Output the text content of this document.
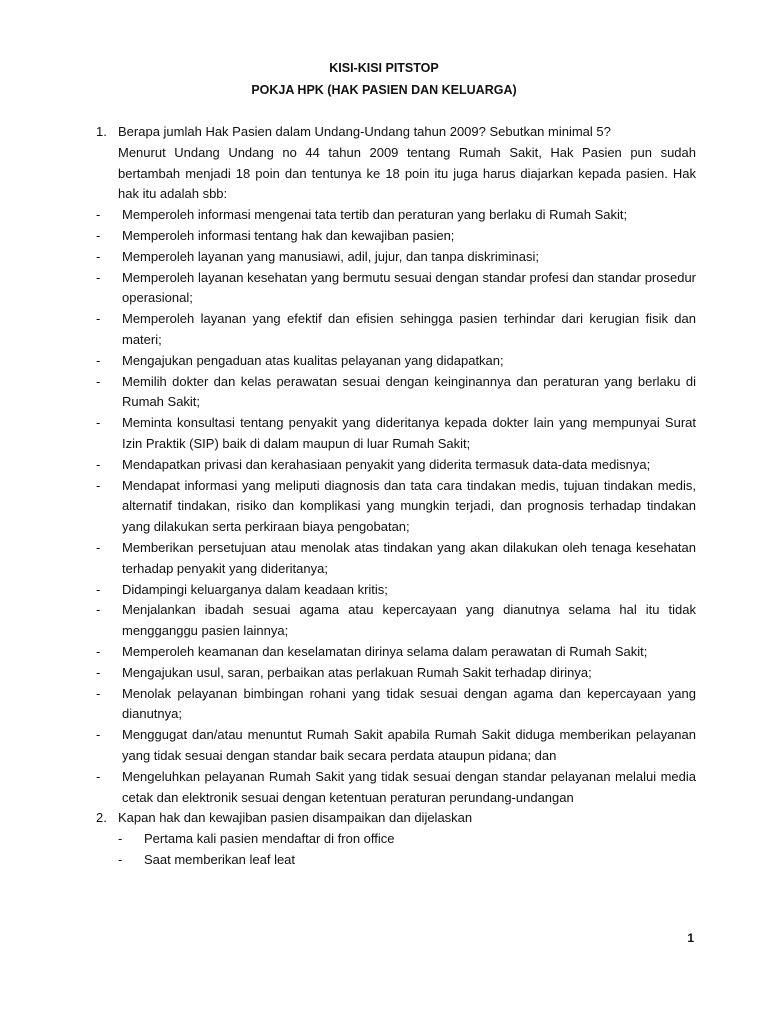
KISI-KISI PITSTOP

POKJA HPK (HAK PASIEN DAN KELUARGA)

1. Berapa jumlah Hak Pasien dalam Undang-Undang tahun 2009? Sebutkan minimal 5?
Menurut Undang Undang no 44 tahun 2009 tentang Rumah Sakit, Hak Pasien pun sudah bertambah menjadi 18 poin dan tentunya ke 18 poin itu juga harus diajarkan kepada pasien. Hak hak itu adalah sbb:
-	Memperoleh informasi mengenai tata tertib dan peraturan yang berlaku di Rumah Sakit;
-	Memperoleh informasi tentang hak dan kewajiban pasien;
-	Memperoleh layanan yang manusiawi, adil, jujur, dan tanpa diskriminasi;
-	Memperoleh layanan kesehatan yang bermutu sesuai dengan standar profesi dan standar prosedur operasional;
-	Memperoleh layanan yang efektif dan efisien sehingga pasien terhindar dari kerugian fisik dan materi;
-	Mengajukan pengaduan atas kualitas pelayanan yang didapatkan;
-	Memilih dokter dan kelas perawatan sesuai dengan keinginannya dan peraturan yang berlaku di Rumah Sakit;
-	Meminta konsultasi tentang penyakit yang dideritanya kepada dokter lain yang mempunyai Surat Izin Praktik (SIP) baik di dalam maupun di luar Rumah Sakit;
-	Mendapatkan privasi dan kerahasiaan penyakit yang diderita termasuk data-data medisnya;
-	Mendapat informasi yang meliputi diagnosis dan tata cara tindakan medis, tujuan tindakan medis, alternatif tindakan, risiko dan komplikasi yang mungkin terjadi, dan prognosis terhadap tindakan yang dilakukan serta perkiraan biaya pengobatan;
-	Memberikan persetujuan atau menolak atas tindakan yang akan dilakukan oleh tenaga kesehatan terhadap penyakit yang dideritanya;
-	Didampingi keluarganya dalam keadaan kritis;
-	Menjalankan ibadah sesuai agama atau kepercayaan yang dianutnya selama hal itu tidak mengganggu pasien lainnya;
-	Memperoleh keamanan dan keselamatan dirinya selama dalam perawatan di Rumah Sakit;
-	Mengajukan usul, saran, perbaikan atas perlakuan Rumah Sakit terhadap dirinya;
-	Menolak pelayanan bimbingan rohani yang tidak sesuai dengan agama dan kepercayaan yang dianutnya;
-	Menggugat dan/atau menuntut Rumah Sakit apabila Rumah Sakit diduga memberikan pelayanan yang tidak sesuai dengan standar baik secara perdata ataupun pidana; dan
-	Mengeluhkan pelayanan Rumah Sakit yang tidak sesuai dengan standar pelayanan melalui media cetak dan elektronik sesuai dengan ketentuan peraturan perundang-undangan
2. Kapan hak dan kewajiban pasien disampaikan dan dijelaskan
-	Pertama kali pasien mendaftar di fron office
-	Saat memberikan leaf leat
1
